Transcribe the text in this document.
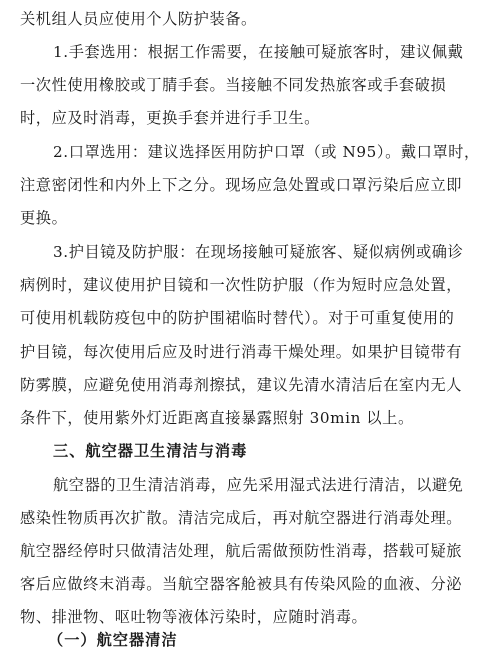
关机组人员应使用个人防护装备。
1.手套选用：根据工作需要，在接触可疑旅客时，建议佩戴
一次性使用橡胶或丁腈手套。当接触不同发热旅客或手套破损
时，应及时消毒，更换手套并进行手卫生。
2.口罩选用：建议选择医用防护口罩（或 N95）。戴口罩时，
注意密闭性和内外上下之分。现场应急处置或口罩污染后应立即
更换。
3.护目镜及防护服：在现场接触可疑旅客、疑似病例或确诊
病例时，建议使用护目镜和一次性防护服（作为短时应急处置，
可使用机载防疫包中的防护围裙临时替代）。对于可重复使用的
护目镜，每次使用后应及时进行消毒干燥处理。如果护目镜带有
防雾膜，应避免使用消毒剂擦拭，建议先清水清洁后在室内无人
条件下，使用紫外灯近距离直接暴露照射 30min 以上。
三、航空器卫生清洁与消毒
航空器的卫生清洁消毒，应先采用湿式法进行清洁，以避免
感染性物质再次扩散。清洁完成后，再对航空器进行消毒处理。
航空器经停时只做清洁处理，航后需做预防性消毒，搭载可疑旅
客后应做终末消毒。当航空器客舱被具有传染风险的血液、分泌
物、排泄物、呕吐物等液体污染时，应随时消毒。
（一）航空器清洁
